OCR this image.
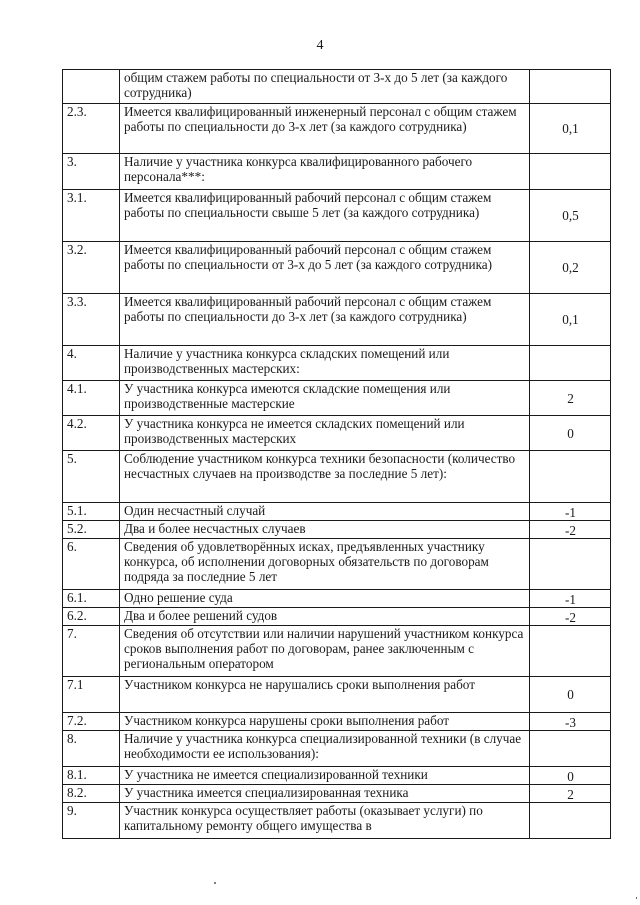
4
	общим стажем работы по специальности от 3-х до 5 лет (за каждого сотрудника)	
2.3.	Имеется квалифицированный инженерный персонал с общим стажем работы по специальности до 3-х лет (за каждого сотрудника)	0,1
3.	Наличие у участника конкурса квалифицированного рабочего персонала***:	
3.1.	Имеется квалифицированный рабочий персонал с общим стажем работы по специальности свыше 5 лет (за каждого сотрудника)	0,5
3.2.	Имеется квалифицированный рабочий персонал с общим стажем работы по специальности от 3-х до 5 лет (за каждого сотрудника)	0,2
3.3.	Имеется квалифицированный рабочий персонал с общим стажем работы по специальности до 3-х лет (за каждого сотрудника)	0,1
4.	Наличие у участника конкурса складских помещений или производственных мастерских:	
4.1.	У участника конкурса имеются складские помещения или производственные мастерские	2
4.2.	У участника конкурса не имеется складских помещений или производственных мастерских	0
5.	Соблюдение участником конкурса техники безопасности (количество несчастных случаев на производстве за последние 5 лет):	
5.1.	Один несчастный случай	-1
5.2.	Два и более несчастных случаев	-2
6.	Сведения об удовлетворённых исках, предъявленных участнику конкурса, об исполнении договорных обязательств по договорам подряда за последние 5 лет	
6.1.	Одно решение суда	-1
6.2.	Два и более решений судов	-2
7.	Сведения об отсутствии или наличии нарушений участником конкурса сроков выполнения работ по договорам, ранее заключенным с региональным оператором	
7.1	Участником конкурса не нарушались сроки выполнения работ	0
7.2.	Участником конкурса нарушены сроки выполнения работ	-3
8.	Наличие у участника конкурса специализированной техники (в случае необходимости ее использования):	
8.1.	У участника не имеется специализированной техники	0
8.2.	У участника имеется специализированная техника	2
9.	Участник конкурса осуществляет работы (оказывает услуги) по капитальному ремонту общего имущества в	
